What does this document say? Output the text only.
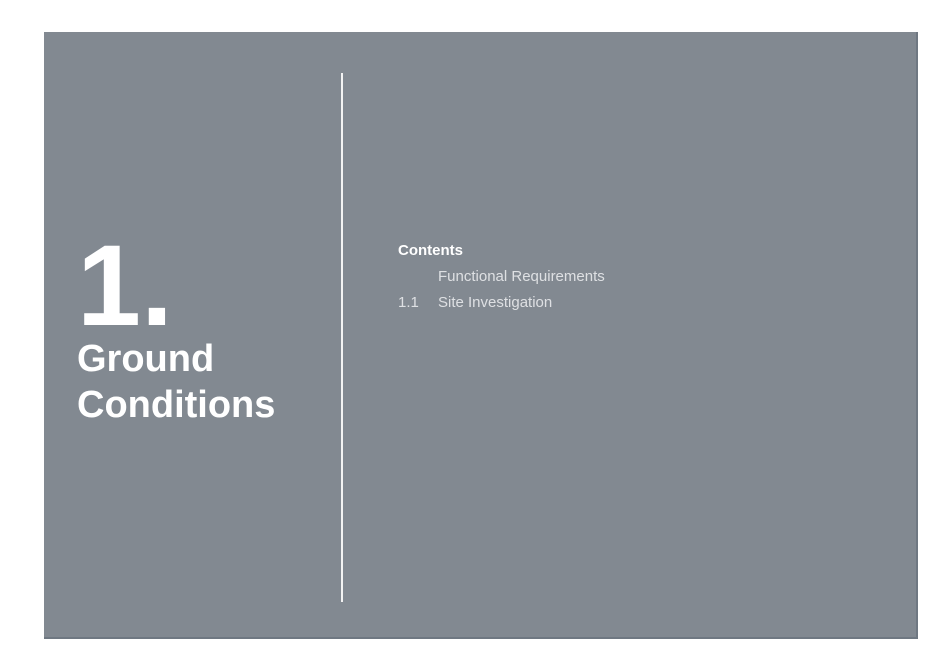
1.
Ground
Conditions
Contents
Functional Requirements
1.1	Site Investigation
